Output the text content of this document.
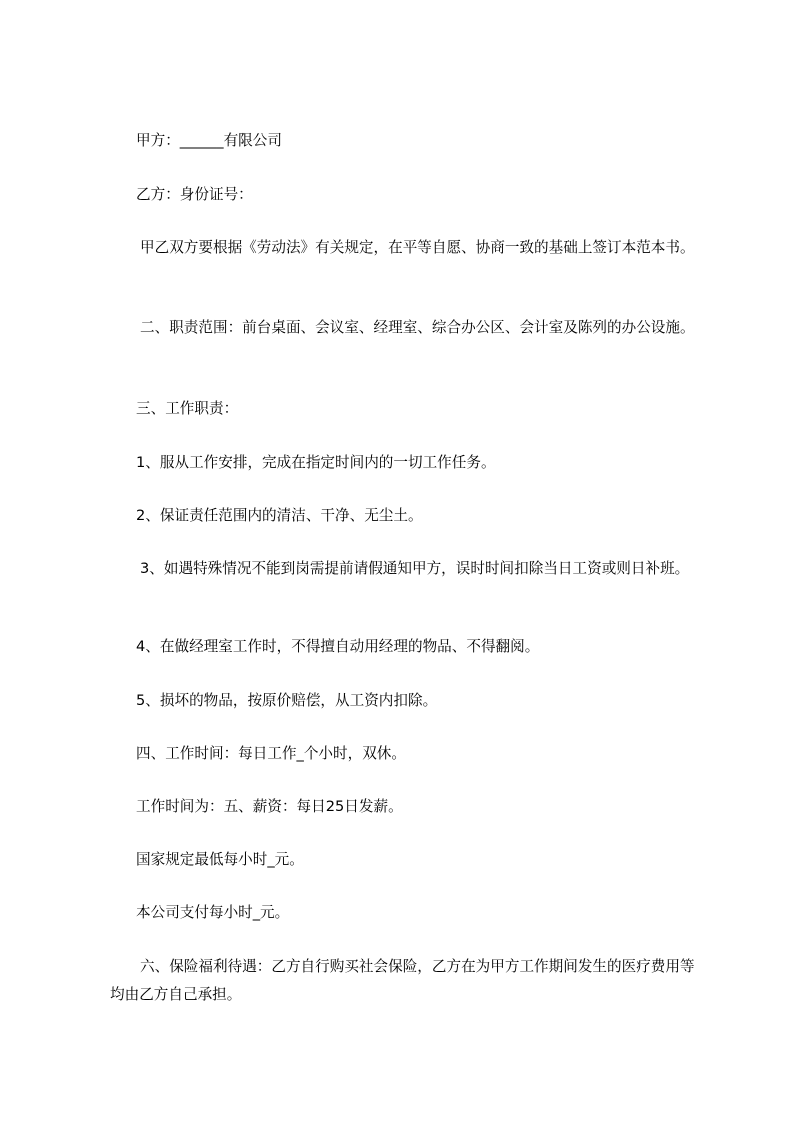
甲方：______有限公司

乙方：身份证号：

甲乙双方要根据《劳动法》有关规定，在平等自愿、协商一致的基础上签订本范本书。

二、职责范围：前台桌面、会议室、经理室、综合办公区、会计室及陈列的办公设施。

三、工作职责：

1、服从工作安排，完成在指定时间内的一切工作任务。

2、保证责任范围内的清洁、干净、无尘土。

3、如遇特殊情况不能到岗需提前请假通知甲方，误时时间扣除当日工资或则日补班。

4、在做经理室工作时，不得擅自动用经理的物品、不得翻阅。

5、损坏的物品，按原价赔偿，从工资内扣除。

四、工作时间：每日工作_个小时，双休。

工作时间为：五、薪资：每日25日发薪。

国家规定最低每小时_元。

本公司支付每小时_元。

六、保险福利待遇：乙方自行购买社会保险，乙方在为甲方工作期间发生的医疗费用等均由乙方自己承担。
